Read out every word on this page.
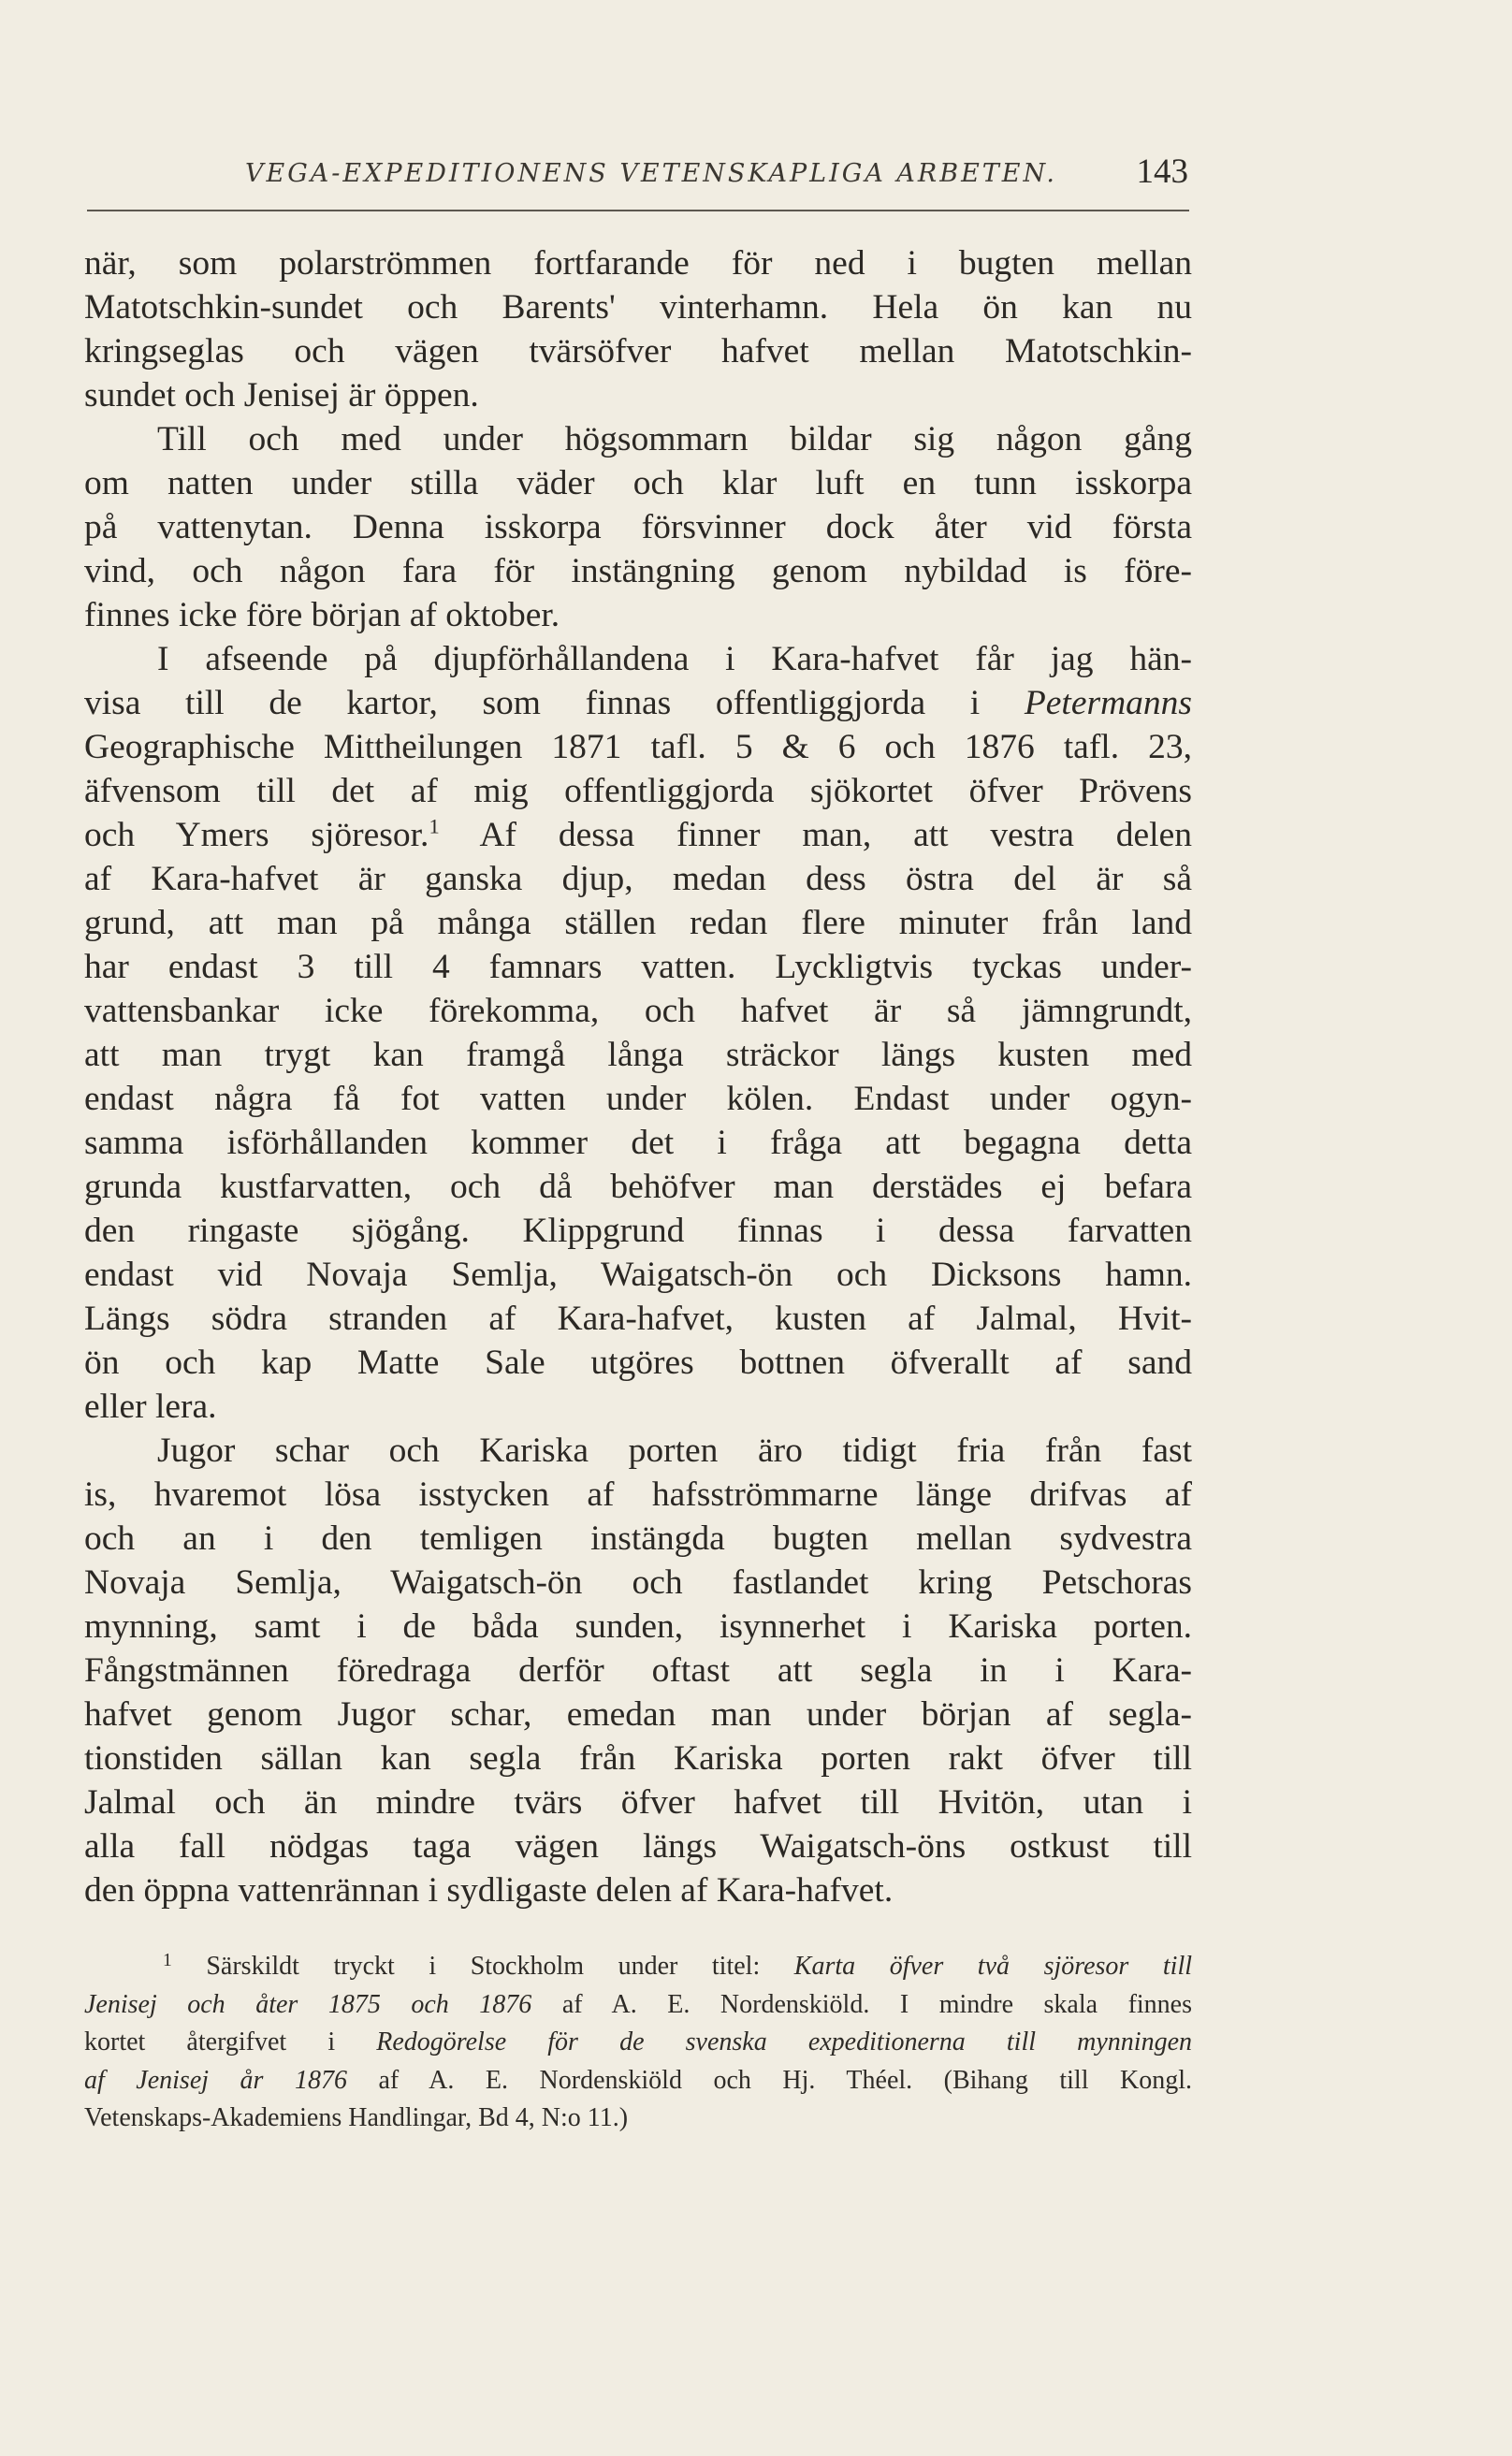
VEGA-EXPEDITIONENS VETENSKAPLIGA ARBETEN. 143
när, som polarströmmen fortfarande för ned i bugten mellan
Matotschkin-sundet och Barents' vinterhamn. Hela ön kan nu
kringseglas och vägen tvärsöfver hafvet mellan Matotschkin-
sundet och Jenisej är öppen.
Till och med under högsommarn bildar sig någon gång
om natten under stilla väder och klar luft en tunn isskorpa
på vattenytan. Denna isskorpa försvinner dock åter vid första
vind, och någon fara för instängning genom nybildad is före-
finnes icke före början af oktober.
I afseende på djupförhållandena i Kara-hafvet får jag hän-
visa till de kartor, som finnas offentliggjorda i Petermanns
Geographische Mittheilungen 1871 tafl. 5 & 6 och 1876 tafl. 23,
äfvensom till det af mig offentliggjorda sjökortet öfver Prövens
och Ymers sjöresor.$^1$ Af dessa finner man, att vestra delen
af Kara-hafvet är ganska djup, medan dess östra del är så
grund, att man på många ställen redan flere minuter från land
har endast 3 till 4 famnars vatten. Lyckligtvis tyckas under-
vattensbankar icke förekomma, och hafvet är så jämngrundt,
att man trygt kan framgå långa sträckor längs kusten med
endast några få fot vatten under kölen. Endast under ogyn-
samma isförhållanden kommer det i fråga att begagna detta
grunda kustfarvatten, och då behöfver man derstädes ej befara
den ringaste sjögång. Klippgrund finnas i dessa farvatten
endast vid Novaja Semlja, Waigatsch-ön och Dicksons hamn.
Längs södra stranden af Kara-hafvet, kusten af Jalmal, Hvit-
ön och kap Matte Sale utgöres bottnen öfverallt af sand
eller lera.
Jugor schar och Kariska porten äro tidigt fria från fast
is, hvaremot lösa isstycken af hafsströmmarne länge drifvas af
och an i den temligen instängda bugten mellan sydvestra
Novaja Semlja, Waigatsch-ön och fastlandet kring Petschoras
mynning, samt i de båda sunden, isynnerhet i Kariska porten.
Fångstmännen föredraga derför oftast att segla in i Kara-
hafvet genom Jugor schar, emedan man under början af segla-
tionstiden sällan kan segla från Kariska porten rakt öfver till
Jalmal och än mindre tvärs öfver hafvet till Hvitön, utan i
alla fall nödgas taga vägen längs Waigatsch-öns ostkust till
den öppna vattenrännan i sydligaste delen af Kara-hafvet.
$^1$ Särskildt tryckt i Stockholm under titel: Karta öfver två sjöresor till
Jenisej och åter 1875 och 1876 af A. E. Nordenskiöld. I mindre skala finnes
kortet återgifvet i Redogörelse för de svenska expeditionerna till mynningen
af Jenisej år 1876 af A. E. Nordenskiöld och Hj. Théel. (Bihang till Kongl.
Vetenskaps-Akademiens Handlingar, Bd 4, N:o 11.)
